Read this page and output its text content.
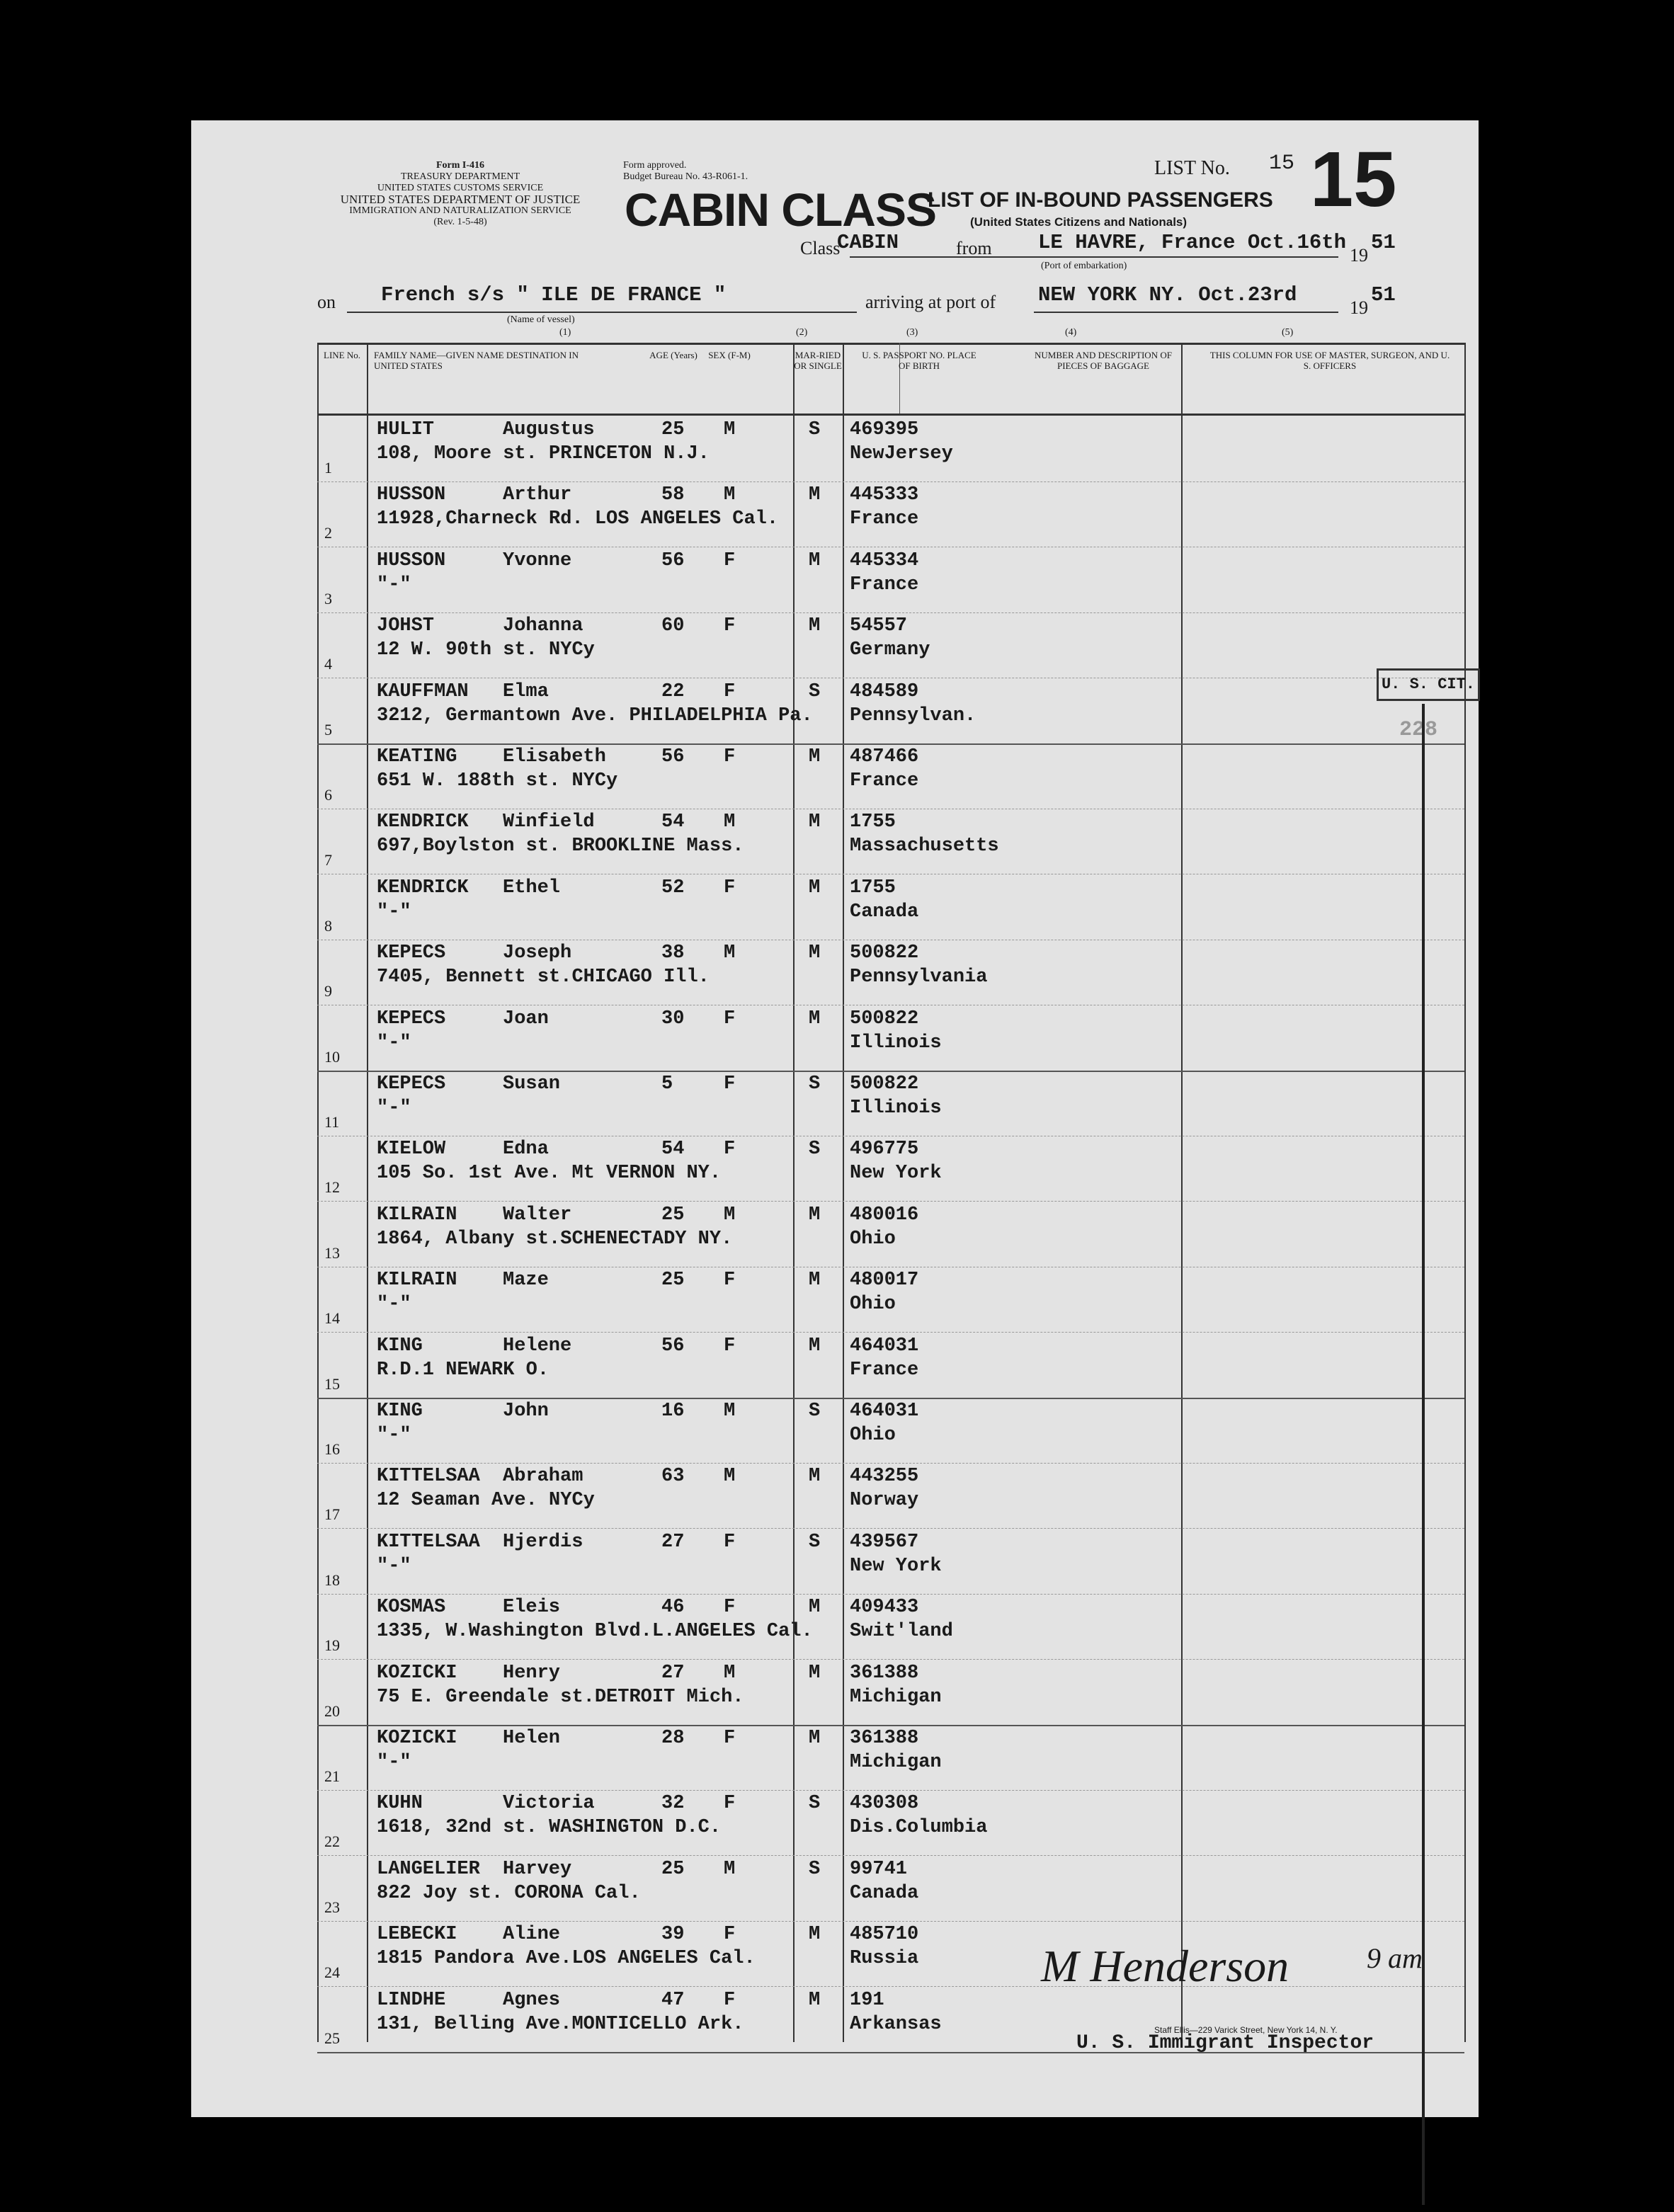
Form I-416
TREASURY DEPARTMENT
UNITED STATES CUSTOMS SERVICE
UNITED STATES DEPARTMENT OF JUSTICE
IMMIGRATION AND NATURALIZATION SERVICE
(Rev. 1-5-48)
Form approved.
Budget Bureau No. 43-R061-1.
CABIN CLASS
LIST OF IN-BOUND PASSENGERS
(United States Citizens and Nationals)
LIST No. 15 15
Class
CABIN	from LE HAVRE, France Oct.16th
19
51
(Port of embarkation)
on French s/s " ILE DE FRANCE "
(Name of vessel)
arriving at port of NEW YORK NY. Oct.23rd
19
51
(1)	(2)	(3)	(4)	(5)
LINE No.	FAMILY NAME—GIVEN NAME DESTINATION IN UNITED STATES
AGE (Years) SEX (F-M)	MAR-RIED OR SINGLE
U. S. PASSPORT NO. PLACE OF BIRTH
NUMBER AND DESCRIPTION OF PIECES OF BAGGAGE
THIS COLUMN FOR USE OF MASTER, SURGEON, AND U. S. OFFICERS
1
HULIT	Augustus	25 M	S 469395
108, Moore st. PRINCETON N.J.	NewJersey
2
HUSSON	Arthur	58 M	M 445333
11928,Charneck Rd. LOS ANGELES Cal.	France
3
HUSSON	Yvonne	56 F	M 445334
"-"	France
4
JOHST	Johanna	60 F	M 54557
12 W. 90th st. NYCy	Germany
5
KAUFFMAN Elma	22 F	S 484589
3212, Germantown Ave. PHILADELPHIA Pa. Pennsylvan.
6
KEATING Elisabeth	56 F	M 487466
651 W. 188th st. NYCy	France
7
KENDRICK Winfield	54 M	M 1755
697,Boylston st. BROOKLINE Mass.	Massachusetts
8
KENDRICK Ethel	52 F	M 1755
"-"	Canada
9
KEPECS	Joseph	38 M	M 500822
7405, Bennett st.CHICAGO Ill.	Pennsylvania
10
KEPECS	Joan	30 F	M 500822
"-"	Illinois
11
KEPECS	Susan	5	F	S 500822
"-"	Illinois
12
KIELOW	Edna	54 F	S 496775
105 So. 1st Ave. Mt VERNON NY.	New York
13
KILRAIN Walter	25 M	M 480016
1864, Albany st.SCHENECTADY NY.	Ohio
14
KILRAIN Maze	25 F	M 480017
"-"	Ohio
15
KING	Helene	56 F	M 464031
R.D.1 NEWARK O.	France
16
KING	John	16 M	S 464031
"-"	Ohio
17
KITTELSAA Abraham	63 M	M 443255
12 Seaman Ave. NYCy	Norway
18
KITTELSAA Hjerdis	27 F	S 439567
"-"	New York
19
KOSMAS	Eleis	46 F	M 409433
1335, W.Washington Blvd.L.ANGELES Cal. Swit'land
20
KOZICKI Henry	27 M	M 361388
75 E. Greendale st.DETROIT Mich.	Michigan
21
KOZICKI Helen	28 F	M 361388
"-"	Michigan
22
KUHN	Victoria	32 F	S 430308
1618, 32nd st. WASHINGTON D.C.	Dis.Columbia
23
LANGELIER Harvey	25 M	S 99741
822 Joy st. CORONA Cal.	Canada
24
LEBECKI Aline	39 F	M 485710
1815 Pandora Ave.LOS ANGELES Cal.	Russia
25
LINDHE	Agnes	47 F	M 191
131, Belling Ave.MONTICELLO Ark.	Arkansas
U. S. CIT.
228
M Henderson	9 am
U. S. Immigrant Inspector
Staff Ellis—229 Varick Street, New York 14, N. Y.
